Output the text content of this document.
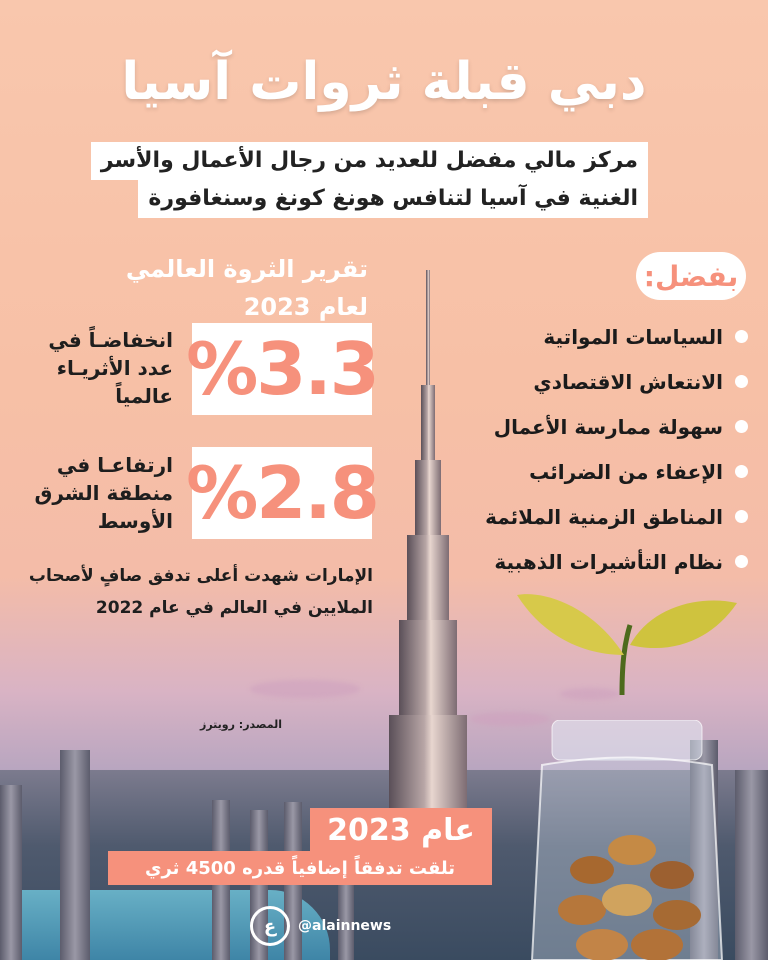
دبي قبلة ثروات آسيا
مركز مالي مفضل للعديد من رجال الأعمال والأسر
الغنية في آسيا لتنافس هونغ كونغ وسنغافورة
تقرير الثروة العالمي
لعام 2023
%3.3
انخفاضـاً في
عدد الأثريـاء
عالمياً
%2.8
ارتفاعـا في
منطقة الشرق
الأوسط
الإمارات شهدت أعلى تدفق صافٍ لأصحاب
الملايين في العالم في عام 2022
المصدر: رويترز
بفضل:
السياسات المواتية
الانتعاش الاقتصادي
سهولة ممارسة الأعمال
الإعفاء من الضرائب
المناطق الزمنية الملائمة
نظام التأشيرات الذهبية
عام 2023
تلقت تدفقاً إضافياً قدره 4500 ثري
ع	@alainnews
